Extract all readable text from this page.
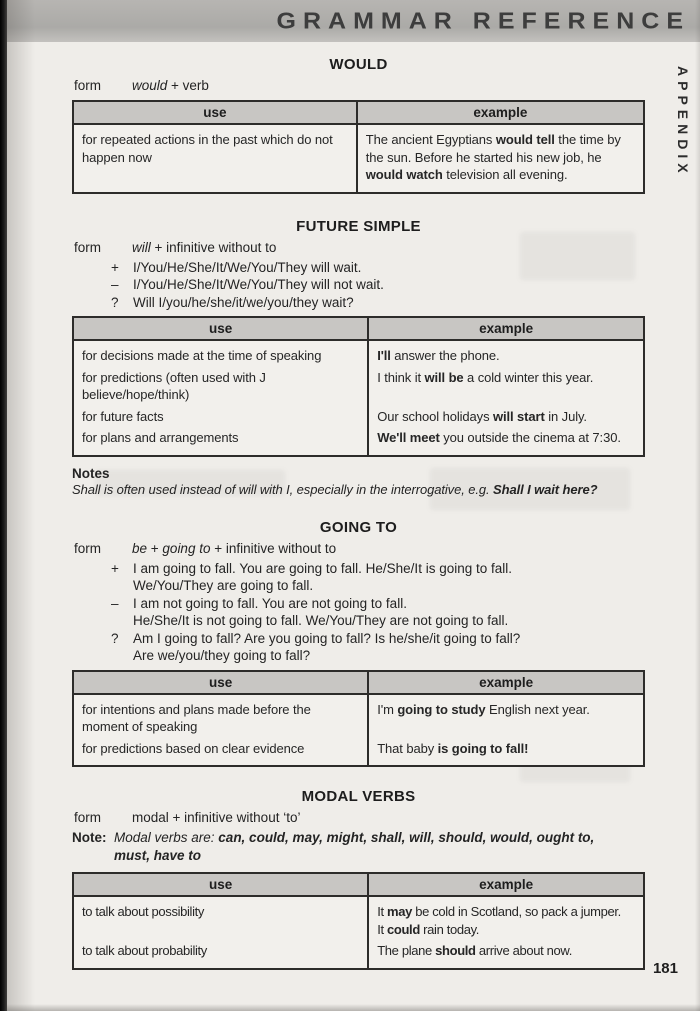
GRAMMAR REFERENCE
APPENDIX
WOULD
form	would + verb
use	example
for repeated actions in the past which do not happen now	The ancient Egyptians would tell the time by the sun. Before he started his new job, he would watch television all evening.
FUTURE SIMPLE
form	will + infinitive without to
+	I/You/He/She/It/We/You/They will wait.
–	I/You/He/She/It/We/You/They will not wait.
?	Will I/you/he/she/it/we/you/they wait?
use	example
for decisions made at the time of speaking	I'll answer the phone.
for predictions (often used with J believe/hope/think)	I think it will be a cold winter this year.
for future facts	Our school holidays will start in July.
for plans and arrangements	We'll meet you outside the cinema at 7:30.
Notes
Shall is often used instead of will with I, especially in the interrogative, e.g. Shall I wait here?
GOING TO
form	be + going to + infinitive without to
+	I am going to fall. You are going to fall. He/She/It is going to fall.
We/You/They are going to fall.
–	I am not going to fall. You are not going to fall.
He/She/It is not going to fall. We/You/They are not going to fall.
?	Am I going to fall? Are you going to fall? Is he/she/it going to fall?
Are we/you/they going to fall?
use	example
for intentions and plans made before the moment of speaking	I'm going to study English next year.
for predictions based on clear evidence	That baby is going to fall!
MODAL VERBS
form	modal + infinitive without ‘to’
Note: Modal verbs are: can, could, may, might, shall, will, should, would, ought to,
must, have to
use	example
to talk about possibility	It may be cold in Scotland, so pack a jumper.
It could rain today.
to talk about probability	The plane should arrive about now.
181
